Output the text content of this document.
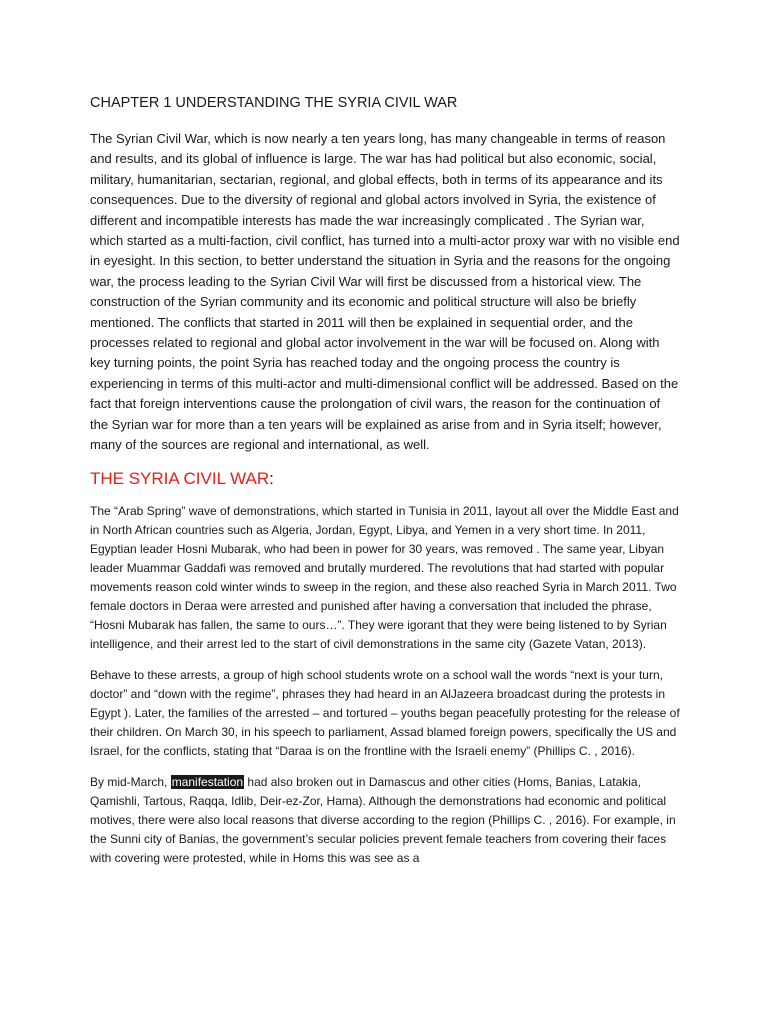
CHAPTER 1 UNDERSTANDING THE SYRIA CIVIL WAR

The Syrian Civil War, which is now nearly a ten years long, has many changeable in terms of reason and results, and its global of influence is large. The war has had political but also economic, social, military, humanitarian, sectarian, regional, and global effects, both in terms of its appearance and its consequences. Due to the diversity of regional and global actors involved in Syria, the existence of different and incompatible interests has made the war increasingly complicated . The Syrian war, which started as a multi-faction, civil conflict, has turned into a multi-actor proxy war with no visible end in eyesight. In this section, to better understand the situation in Syria and the reasons for the ongoing war, the process leading to the Syrian Civil War will first be discussed from a historical view. The construction of the Syrian community and its economic and political structure will also be briefly mentioned. The conflicts that started in 2011 will then be explained in sequential order, and the processes related to regional and global actor involvement in the war will be focused on. Along with key turning points, the point Syria has reached today and the ongoing process the country is experiencing in terms of this multi-actor and multi-dimensional conflict will be addressed. Based on the fact that foreign interventions cause the prolongation of civil wars, the reason for the continuation of the Syrian war for more than a ten years will be explained as arise from and in Syria itself; however, many of the sources are regional and international, as well.

THE SYRIA CIVIL WAR:

The “Arab Spring” wave of demonstrations, which started in Tunisia in 2011, layout all over the Middle East and in North African countries such as Algeria, Jordan, Egypt, Libya, and Yemen in a very short time. In 2011, Egyptian leader Hosni Mubarak, who had been in power for 30 years, was removed . The same year, Libyan leader Muammar Gaddafi was removed and brutally murdered. The revolutions that had started with popular movements reason cold winter winds to sweep in the region, and these also reached Syria in March 2011. Two female doctors in Deraa were arrested and punished after having a conversation that included the phrase, “Hosni Mubarak has fallen, the same to ours…”. They were igorant that they were being listened to by Syrian intelligence, and their arrest led to the start of civil demonstrations in the same city (Gazete Vatan, 2013).

Behave to these arrests, a group of high school students wrote on a school wall the words “next is your turn, doctor” and “down with the regime”, phrases they had heard in an AlJazeera broadcast during the protests in Egypt ). Later, the families of the arrested – and tortured – youths began peacefully protesting for the release of their children. On March 30, in his speech to parliament, Assad blamed foreign powers, specifically the US and Israel, for the conflicts, stating that “Daraa is on the frontline with the Israeli enemy” (Phillips C. , 2016).

By mid-March, manifestation had also broken out in Damascus and other cities (Homs, Banias, Latakia, Qamishli, Tartous, Raqqa, Idlib, Deir-ez-Zor, Hama). Although the demonstrations had economic and political motives, there were also local reasons that diverse according to the region (Phillips C. , 2016). For example, in the Sunni city of Banias, the government’s secular policies prevent female teachers from covering their faces with covering were protested, while in Homs this was see as a
